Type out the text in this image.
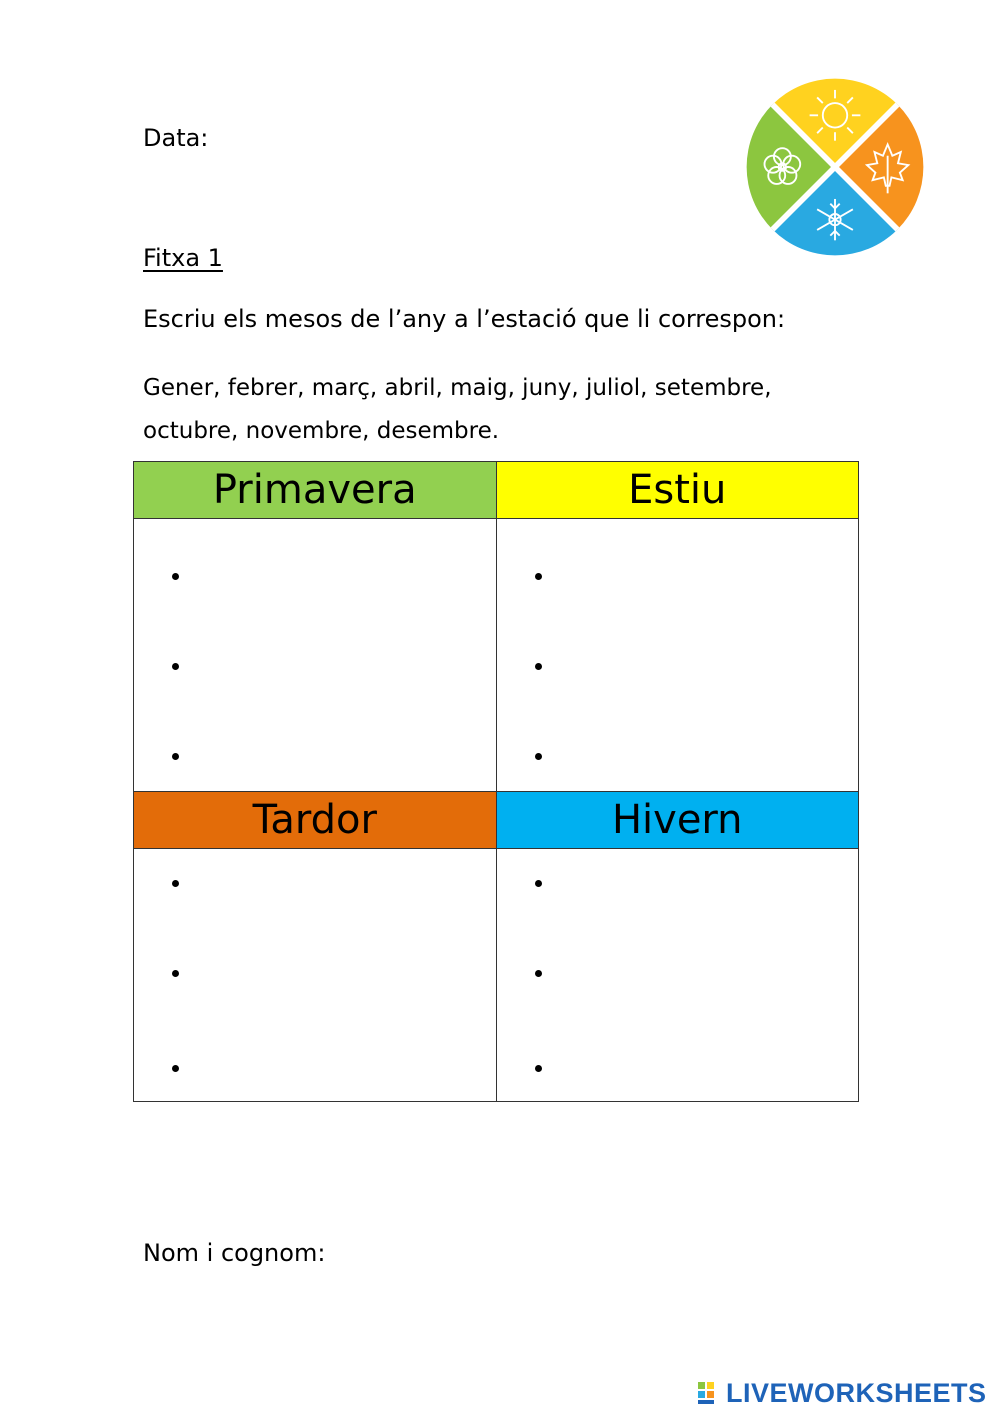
Data:
Fitxa 1
Escriu els mesos de l’any a l’estació que li correspon:
Gener, febrer, març, abril, maig, juny, juliol, setembre, octubre, novembre, desembre.
Primavera	Estiu

Tardor	Hivern

Nom i cognom:
LIVEWORKSHEETS
